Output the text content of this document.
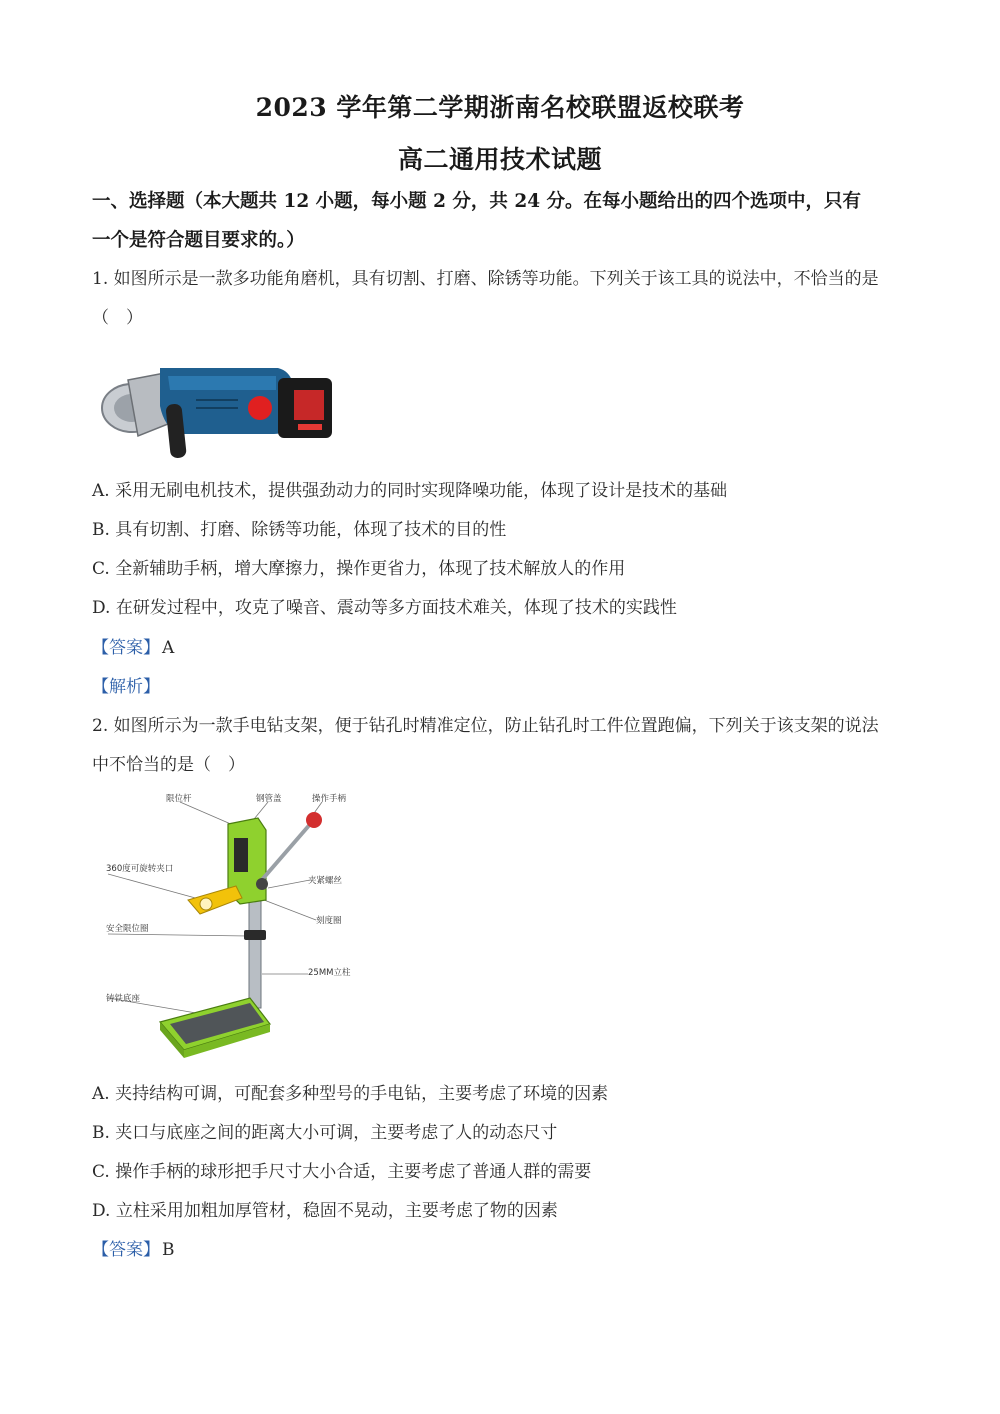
2023 学年第二学期浙南名校联盟返校联考
高二通用技术试题
一、选择题（本大题共 12 小题，每小题 2 分，共 24 分。在每小题给出的四个选项中，只有
一个是符合题目要求的。）
1. 如图所示是一款多功能角磨机，具有切割、打磨、除锈等功能。下列关于该工具的说法中，不恰当的是
（　）
A. 采用无刷电机技术，提供强劲动力的同时实现降噪功能，体现了设计是技术的基础
B. 具有切割、打磨、除锈等功能，体现了技术的目的性
C. 全新辅助手柄，增大摩擦力，操作更省力，体现了技术解放人的作用
D. 在研发过程中，攻克了噪音、震动等多方面技术难关，体现了技术的实践性
【答案】 A
【解析】
2. 如图所示为一款手电钻支架，便于钻孔时精准定位，防止钻孔时工件位置跑偏，下列关于该支架的说法
中不恰当的是（　）
限位杆	钢管盖	操作手柄
360度可旋转夹口
夹紧螺丝
刻度圈
安全限位圈
25MM立柱
铸铁底座
A. 夹持结构可调，可配套多种型号的手电钻，主要考虑了环境的因素
B. 夹口与底座之间的距离大小可调，主要考虑了人的动态尺寸
C. 操作手柄的球形把手尺寸大小合适，主要考虑了普通人群的需要
D. 立柱采用加粗加厚管材，稳固不晃动，主要考虑了物的因素
【答案】 B
